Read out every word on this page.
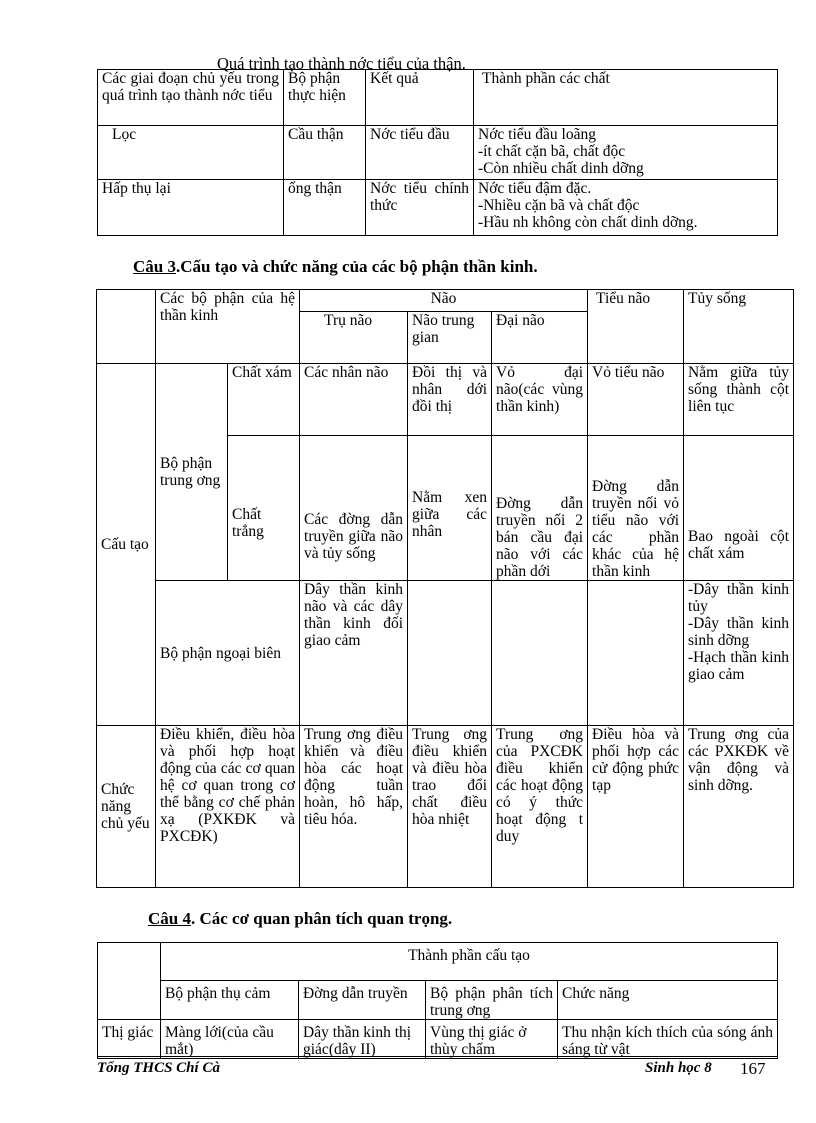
Quá trình tạo thành nớc tiểu của thận.
Các giai đoạn chủ yếu trong quá trình tạo thành nớc tiểu	Bộ phận thực hiện	Kết quả	Thành phần các chất
Lọc	Cầu thận	Nớc tiểu đầu	Nớc tiểu đầu loãng
-ít chất cặn bã, chất độc
-Còn nhiều chất dinh dỡng
Hấp thụ lại	ống thận	Nớc tiểu chính thức	Nớc tiểu đậm đặc.
-Nhiều cặn bã và chất độc
-Hầu nh không còn chất dinh dỡng.
Câu 3.Cấu tạo và chức năng của các bộ phận thần kinh.
	Các bộ phận của hệ thần kinh		Não			Tiểu não	Tủy sống
			Trụ não	Não trung gian	Đại não		
Cấu tạo	Bộ phận trung ơng	Chất xám	Các nhân não	Đồi thị và nhân dới đồi thị	Vỏ đại não(các vùng thần kinh)	Vỏ tiểu não	Nằm giữa tủy sống thành cột liên tục
		Chất trắng	Các đờng dẫn truyền giữa não và tủy sống	Nằm xen giữa các nhân	Đờng dẫn truyền nối 2 bán cầu đại não với các phần dới	Đờng dẫn truyền nối vỏ tiểu não với các phần khác của hệ thần kinh	Bao ngoài cột chất xám
	Bộ phận ngoại biên		Dây thần kinh não và các dây thần kinh đối giao cảm				-Dây thần kinh tủy
-Dây thần kinh sinh dỡng
-Hạch thần kinh giao cảm
Chức năng chủ yếu	Điều khiển, điều hòa và phối hợp hoạt động của các cơ quan hệ cơ quan trong cơ thể bằng cơ chế phản xạ (PXKĐK và PXCĐK)		Trung ơng điều khiển và điều hòa các hoạt động tuần hoàn, hô hấp, tiêu hóa.	Trung ơng điều khiển và điều hòa trao đổi chất điều hòa nhiệt	Trung ơng của PXCĐK điều khiển các hoạt động có ý thức hoạt động t duy	Điều hòa và phối hợp các cử động phức tạp	Trung ơng của các PXKĐK về vận động và sinh dỡng.
Câu 4. Các cơ quan phân tích quan trọng.
	Thành phần cấu tạo			
	Bộ phận thụ cảm	Đờng dẫn truyền	Bộ phận phân tích trung ơng	Chức năng
Thị giác	Màng lới(của cầu mắt)	Dây thần kinh thị giác(dây II)	Vùng thị giác ở thùy chẩm	Thu nhận kích thích của sóng ánh sáng từ vật
Tổng THCS Chí Cà	Sinh học 8 167
